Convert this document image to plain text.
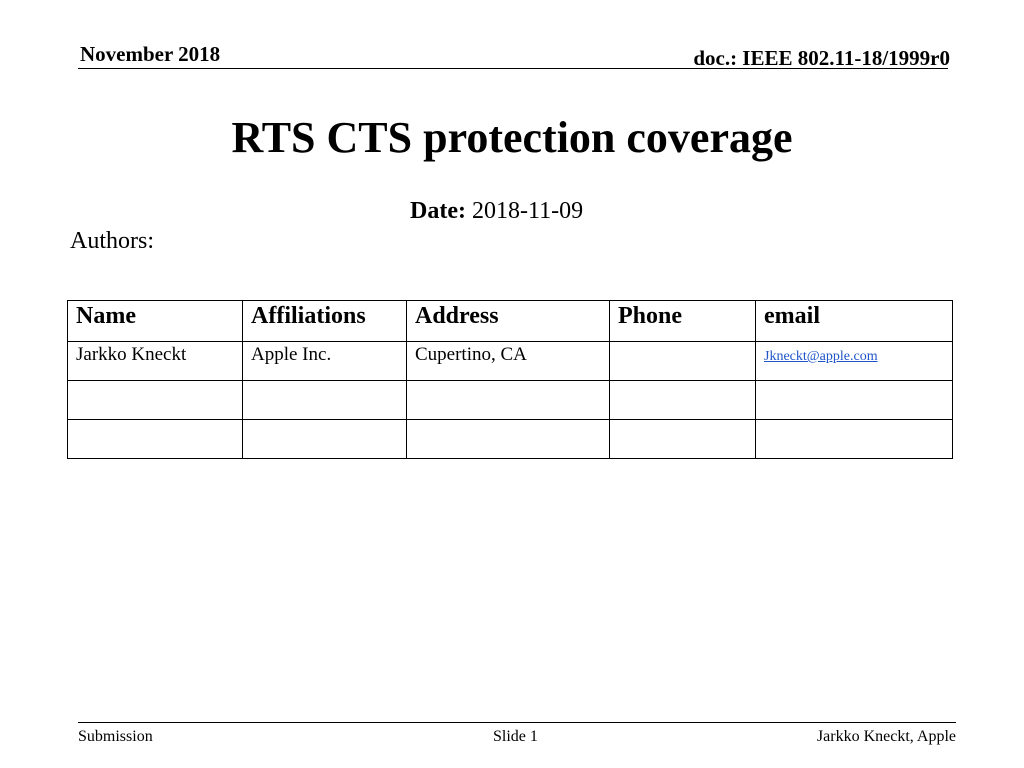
November 2018	doc.: IEEE 802.11-18/1999r0
RTS CTS protection coverage
Date: 2018-11-09
Authors:
Name	Affiliations	Address	Phone	email
Jarkko Kneckt	Apple Inc.	Cupertino, CA		Jkneckt@apple.com

Submission	Slide 1	Jarkko Kneckt, Apple
